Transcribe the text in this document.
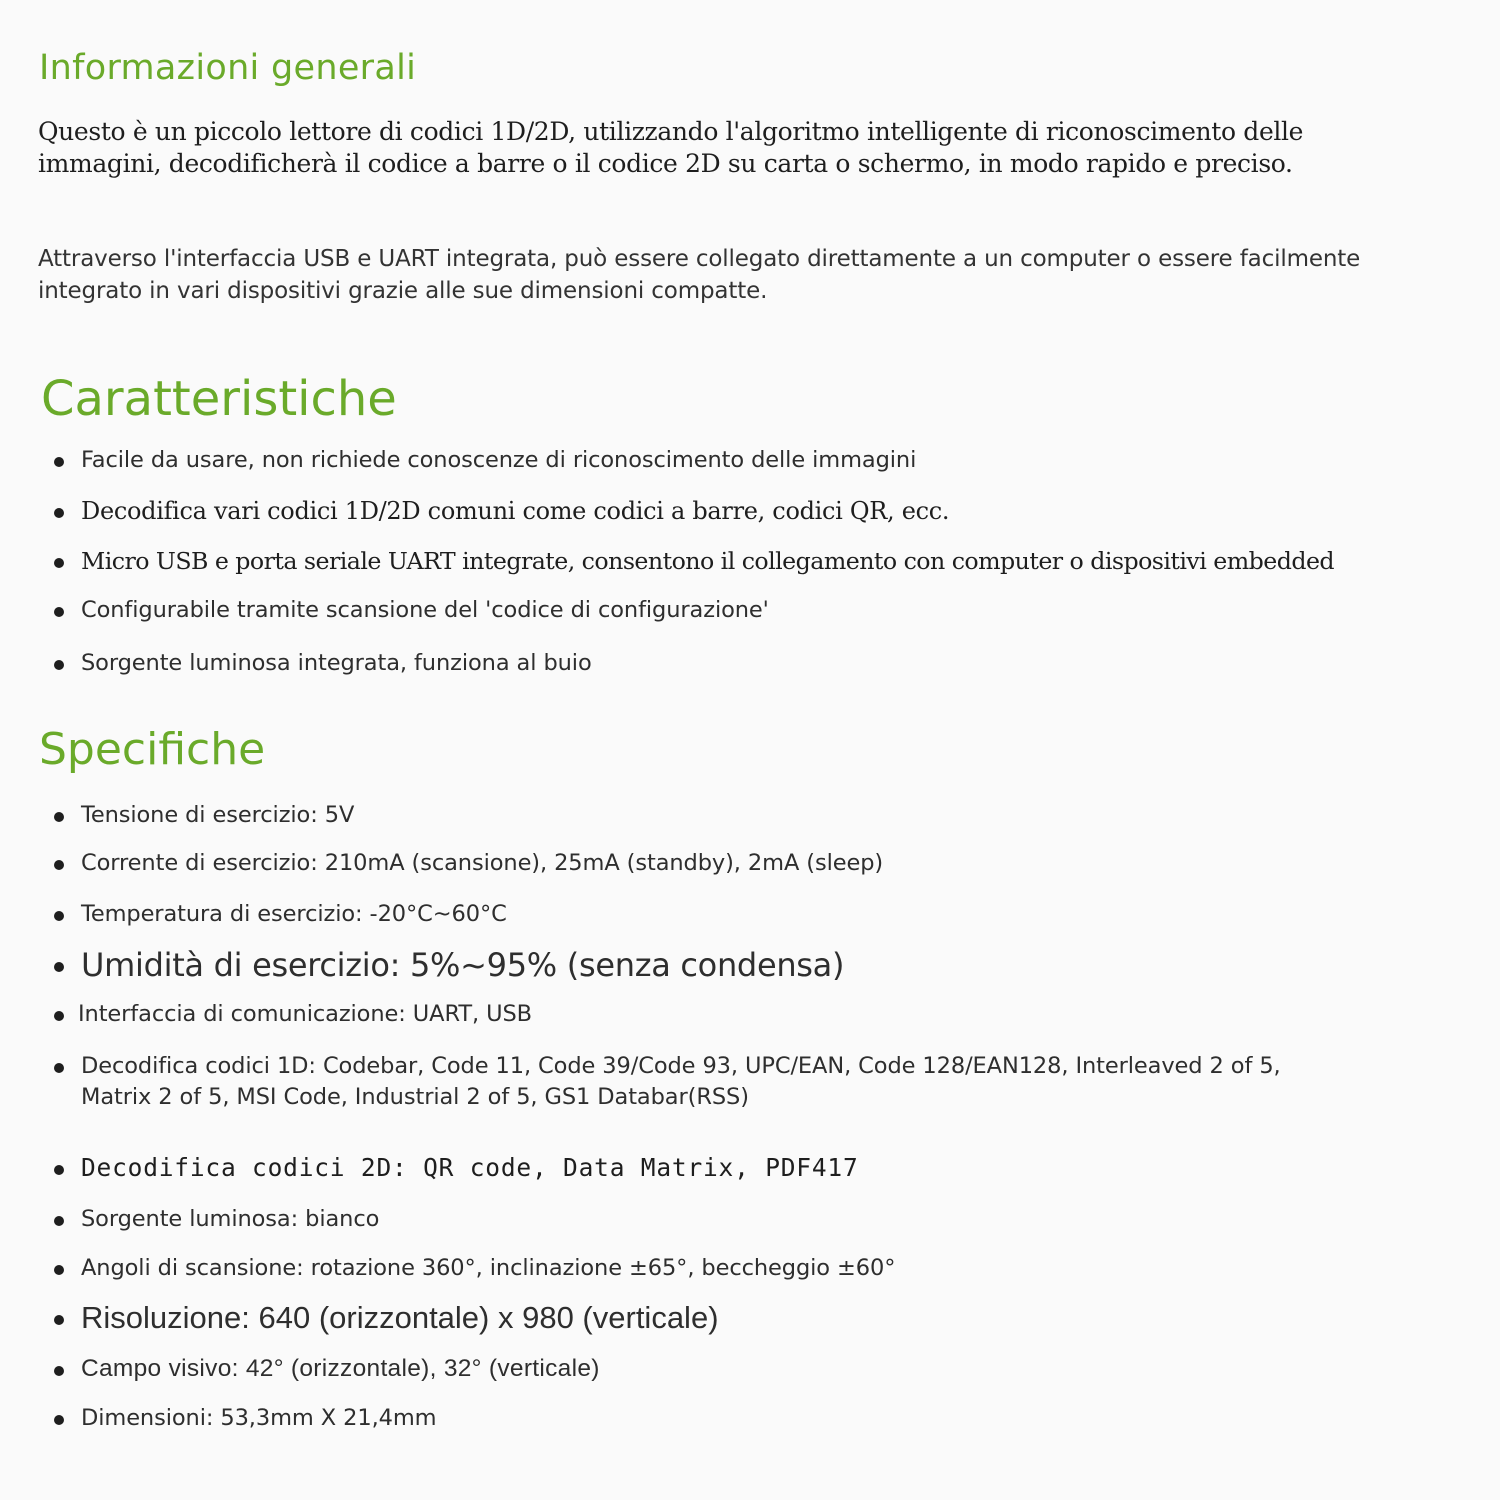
Informazioni generali

Questo è un piccolo lettore di codici 1D/2D, utilizzando l'algoritmo intelligente di riconoscimento delle
immagini, decodificherà il codice a barre o il codice 2D su carta o schermo, in modo rapido e preciso.

Attraverso l'interfaccia USB e UART integrata, può essere collegato direttamente a un computer o essere facilmente
integrato in vari dispositivi grazie alle sue dimensioni compatte.

Caratteristiche
Facile da usare, non richiede conoscenze di riconoscimento delle immagini
Decodifica vari codici 1D/2D comuni come codici a barre, codici QR, ecc.
Micro USB e porta seriale UART integrate, consentono il collegamento con computer o dispositivi embedded
Configurabile tramite scansione del 'codice di configurazione'
Sorgente luminosa integrata, funziona al buio
Specifiche
Tensione di esercizio: 5V
Corrente di esercizio: 210mA (scansione), 25mA (standby), 2mA (sleep)
Temperatura di esercizio: -20°C~60°C
Umidità di esercizio: 5%~95% (senza condensa)
Interfaccia di comunicazione: UART, USB
Decodifica codici 1D: Codebar, Code 11, Code 39/Code 93, UPC/EAN, Code 128/EAN128, Interleaved 2 of 5,
Matrix 2 of 5, MSI Code, Industrial 2 of 5, GS1 Databar(RSS)
Decodifica codici 2D: QR code, Data Matrix, PDF417
Sorgente luminosa: bianco
Angoli di scansione: rotazione 360°, inclinazione ±65°, beccheggio ±60°
Risoluzione: 640 (orizzontale) x 980 (verticale)
Campo visivo: 42° (orizzontale), 32° (verticale)
Dimensioni: 53,3mm X 21,4mm
